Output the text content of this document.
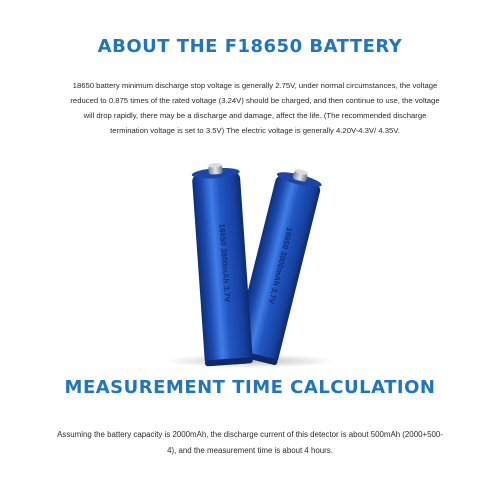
ABOUT THE F18650 BATTERY

18650 battery minimum discharge stop voltage is generally 2.75V, under normal circumstances, the voltage reduced to 0.875 times of the rated voltage (3.24V) should be charged, and then continue to use, the voltage will drop rapidly, there may be a discharge and damage, affect the life. (The recommended discharge termination voltage is set to 3.5V) The electric voltage is generally 4.20V-4.3V/ 4.35V.

18650 3800mAh 3.7V
18650 3800mAh 3.7V
MEASUREMENT TIME CALCULATION

Assuming the battery capacity is 2000mAh, the discharge current of this detector is about 500mAh (2000+500-4), and the measurement time is about 4 hours.
